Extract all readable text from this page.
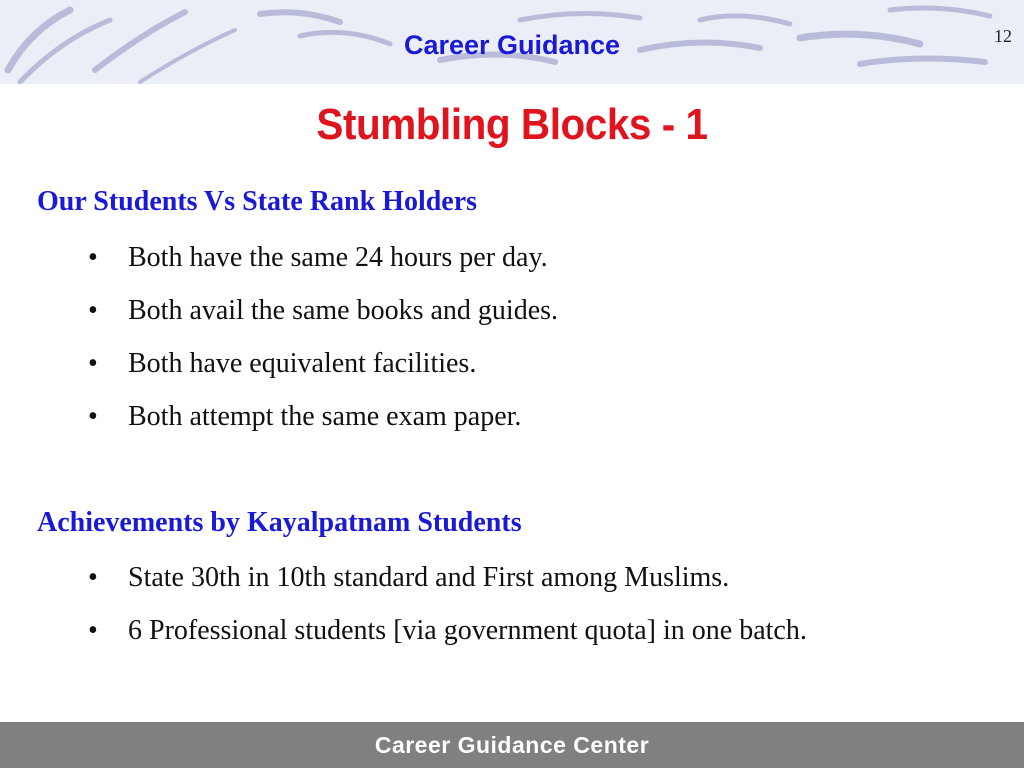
Career Guidance	12
Stumbling Blocks - 1
Our Students Vs State Rank Holders
• Both have the same 24 hours per day.
• Both avail the same books and guides.
• Both have equivalent facilities.
• Both attempt the same exam paper.
Achievements by Kayalpatnam Students
• State 30th in 10th standard and First among Muslims.
• 6 Professional students [via government quota] in one batch.
Career Guidance Center
